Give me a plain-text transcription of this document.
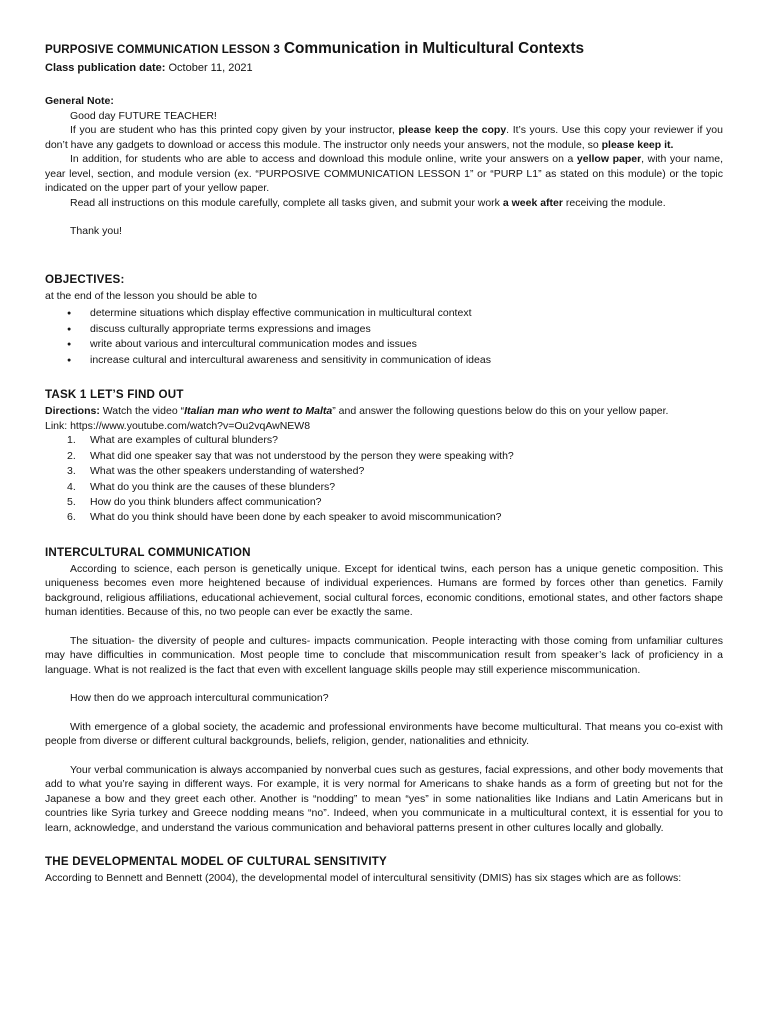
PURPOSIVE COMMUNICATION LESSON 3 Communication in Multicultural Contexts
Class publication date: October 11, 2021
General Note:

Good day FUTURE TEACHER!

If you are student who has this printed copy given by your instructor, please keep the copy. It’s yours. Use this copy your reviewer if you don’t have any gadgets to download or access this module. The instructor only needs your answers, not the module, so please keep it.

In addition, for students who are able to access and download this module online, write your answers on a yellow paper, with your name, year level, section, and module version (ex. “PURPOSIVE COMMUNICATION LESSON 1” or “PURP L1” as stated on this module) or the topic indicated on the upper part of your yellow paper.

Read all instructions on this module carefully, complete all tasks given, and submit your work a week after receiving the module.

Thank you!

OBJECTIVES:

at the end of the lesson you should be able to

● determine situations which display effective communication in multicultural context
● discuss culturally appropriate terms expressions and images
● write about various and intercultural communication modes and issues
● increase cultural and intercultural awareness and sensitivity in communication of ideas
TASK 1 LET’S FIND OUT

Directions: Watch the video “Italian man who went to Malta” and answer the following questions below do this on your yellow paper.

Link: https://www.youtube.com/watch?v=Ou2vqAwNEW8

1. What are examples of cultural blunders?
2. What did one speaker say that was not understood by the person they were speaking with?
3. What was the other speakers understanding of watershed?
4. What do you think are the causes of these blunders?
5. How do you think blunders affect communication?
6. What do you think should have been done by each speaker to avoid miscommunication?
INTERCULTURAL COMMUNICATION

According to science, each person is genetically unique. Except for identical twins, each person has a unique genetic composition. This uniqueness becomes even more heightened because of individual experiences. Humans are formed by forces other than genetics. Family background, religious affiliations, educational achievement, social cultural forces, economic conditions, emotional states, and other factors shape human identities. Because of this, no two people can ever be exactly the same.

The situation- the diversity of people and cultures- impacts communication. People interacting with those coming from unfamiliar cultures may have difficulties in communication. Most people time to conclude that miscommunication result from speaker’s lack of proficiency in a language. What is not realized is the fact that even with excellent language skills people may still experience miscommunication.

How then do we approach intercultural communication?

With emergence of a global society, the academic and professional environments have become multicultural. That means you co-exist with people from diverse or different cultural backgrounds, beliefs, religion, gender, nationalities and ethnicity.

Your verbal communication is always accompanied by nonverbal cues such as gestures, facial expressions, and other body movements that add to what you’re saying in different ways. For example, it is very normal for Americans to shake hands as a form of greeting but not for the Japanese a bow and they greet each other. Another is “nodding” to mean “yes” in some nationalities like Indians and Latin Americans but in countries like Syria turkey and Greece nodding means “no”. Indeed, when you communicate in a multicultural context, it is essential for you to learn, acknowledge, and understand the various communication and behavioral patterns present in other cultures locally and globally.

THE DEVELOPMENTAL MODEL OF CULTURAL SENSITIVITY

According to Bennett and Bennett (2004), the developmental model of intercultural sensitivity (DMIS) has six stages which are as follows:
